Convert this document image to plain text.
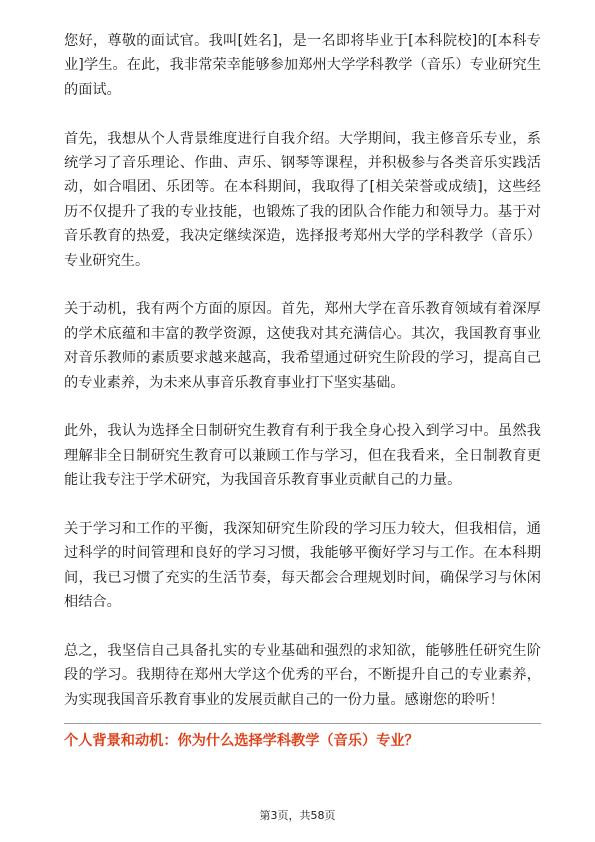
您好，尊敬的面试官。我叫[姓名]，是一名即将毕业于[本科院校]的[本科专业]学生。在此，我非常荣幸能够参加郑州大学学科教学（音乐）专业研究生的面试。

首先，我想从个人背景维度进行自我介绍。大学期间，我主修音乐专业，系统学习了音乐理论、作曲、声乐、钢琴等课程，并积极参与各类音乐实践活动，如合唱团、乐团等。在本科期间，我取得了[相关荣誉或成绩]，这些经历不仅提升了我的专业技能，也锻炼了我的团队合作能力和领导力。基于对音乐教育的热爱，我决定继续深造，选择报考郑州大学的学科教学（音乐）专业研究生。

关于动机，我有两个方面的原因。首先，郑州大学在音乐教育领域有着深厚的学术底蕴和丰富的教学资源，这使我对其充满信心。其次，我国教育事业对音乐教师的素质要求越来越高，我希望通过研究生阶段的学习，提高自己的专业素养，为未来从事音乐教育事业打下坚实基础。

此外，我认为选择全日制研究生教育有利于我全身心投入到学习中。虽然我理解非全日制研究生教育可以兼顾工作与学习，但在我看来，全日制教育更能让我专注于学术研究，为我国音乐教育事业贡献自己的力量。

关于学习和工作的平衡，我深知研究生阶段的学习压力较大，但我相信，通过科学的时间管理和良好的学习习惯，我能够平衡好学习与工作。在本科期间，我已习惯了充实的生活节奏，每天都会合理规划时间，确保学习与休闲相结合。

总之，我坚信自己具备扎实的专业基础和强烈的求知欲，能够胜任研究生阶段的学习。我期待在郑州大学这个优秀的平台，不断提升自己的专业素养，为实现我国音乐教育事业的发展贡献自己的一份力量。感谢您的聆听！

个人背景和动机：你为什么选择学科教学（音乐）专业？

第3页，共58页
